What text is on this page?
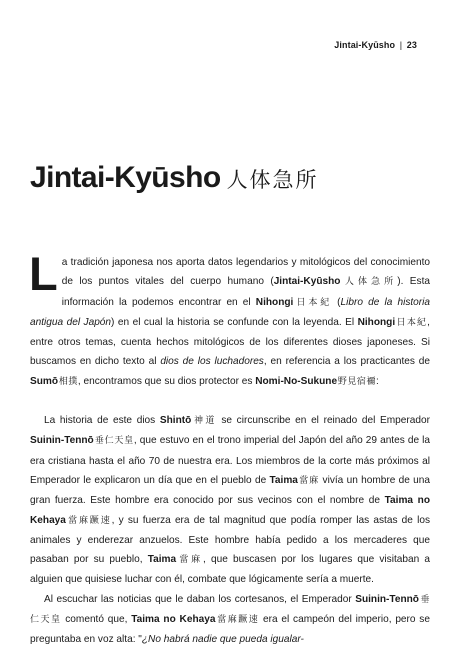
Jintai-Kyūsho | 23
Jintai-Kyūsho 人体急所

La tradición japonesa nos aporta datos legendarios y mitológicos del conocimiento de los puntos vitales del cuerpo humano (Jintai-Kyūsho 人体急所). Esta información la podemos encontrar en el Nihongi 日本紀 (Libro de la historia antigua del Japón) en el cual la historia se confunde con la leyenda. El Nihongi 日本紀, entre otros temas, cuenta hechos mitológicos de los diferentes dioses japoneses. Si buscamos en dicho texto al dios de los luchadores, en referencia a los practicantes de Sumō 相撲, encontramos que su dios protector es Nomi-No-Sukune 野見宿禰:

La historia de este dios Shintō 神道 se circunscribe en el reinado del Emperador Suinin-Tennō 垂仁天皇, que estuvo en el trono imperial del Japón del año 29 antes de la era cristiana hasta el año 70 de nuestra era. Los miembros de la corte más próximos al Emperador le explicaron un día que en el pueblo de Taima 當麻 vivía un hombre de una gran fuerza. Este hombre era conocido por sus vecinos con el nombre de Taima no Kehaya 當麻蹶速, y su fuerza era de tal magnitud que podía romper las astas de los animales y enderezar anzuelos. Este hombre había pedido a los mercaderes que pasaban por su pueblo, Taima 當麻, que buscasen por los lugares que visitaban a alguien que quisiese luchar con él, combate que lógicamente sería a muerte.

Al escuchar las noticias que le daban los cortesanos, el Emperador Suinin-Tennō 垂仁天皇 comentó que, Taima no Kehaya 當麻蹶速 era el campeón del imperio, pero se preguntaba en voz alta: "¿No habrá nadie que pueda igualar-
